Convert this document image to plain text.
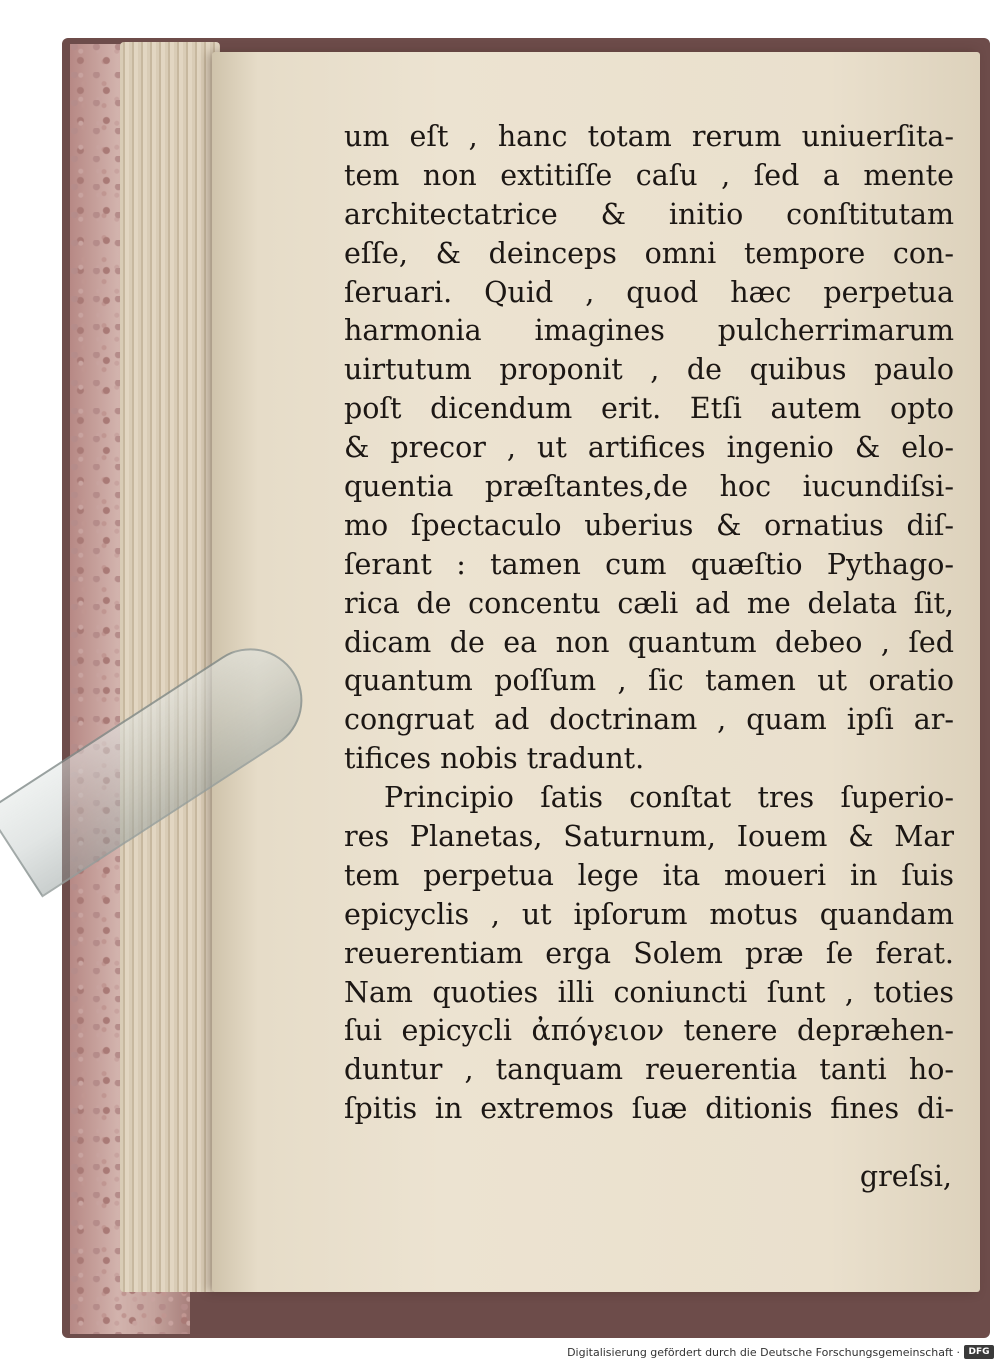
um eſt , hanc totam rerum uniuerſita-
tem non extitiſſe caſu , ſed a mente
architectatrice & initio conſtitutam
eſſe, & deinceps omni tempore con-
ſeruari. Quid , quod hæc perpetua
harmonia imagines pulcherrimarum
uirtutum proponit , de quibus paulo
poſt dicendum erit. Etſi autem opto
& precor , ut artifices ingenio & elo-
quentia præſtantes,de hoc iucundiſsi-
mo ſpectaculo uberius & ornatius diſ-
ſerant : tamen cum quæſtio Pythago-
rica de concentu cæli ad me delata ſit,
dicam de ea non quantum debeo , ſed
quantum poſſum , ſic tamen ut oratio
congruat ad doctrinam , quam ipſi ar-
tifices nobis tradunt.
Principio ſatis conſtat tres ſuperio-
res Planetas, Saturnum, Iouem & Mar
tem perpetua lege ita moueri in ſuis
epicyclis , ut ipſorum motus quandam
reuerentiam erga Solem præ ſe ferat.
Nam quoties illi coniuncti ſunt , toties
ſui epicycli ἀπόγειον tenere depræhen-
duntur , tanquam reuerentia tanti ho-
ſpitis in extremos ſuæ ditionis fines di-
greſsi,
Digitalisierung gefördert durch die Deutsche Forschungsgemeinschaft · DFG
